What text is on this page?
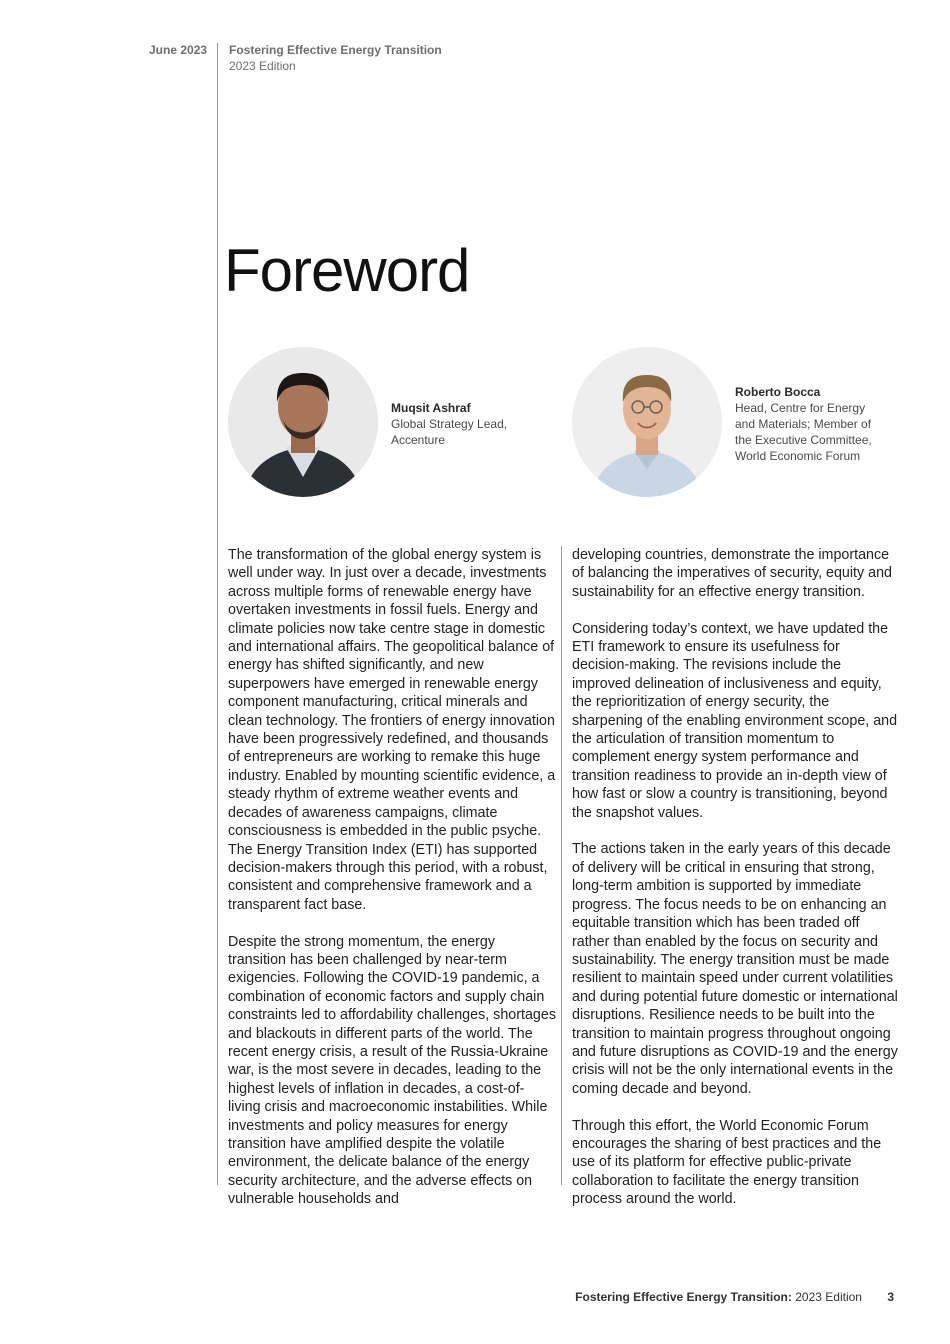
June 2023 Fostering Effective Energy Transition
2023 Edition
Foreword
Muqsit Ashraf
Global Strategy Lead,
Accenture
Roberto Bocca
Head, Centre for Energy
and Materials; Member of
the Executive Committee,
World Economic Forum

The transformation of the global energy system is well under way. In just over a decade, investments across multiple forms of renewable energy have overtaken investments in fossil fuels. Energy and climate policies now take centre stage in domestic and international affairs. The geopolitical balance of energy has shifted significantly, and new superpowers have emerged in renewable energy component manufacturing, critical minerals and clean technology. The frontiers of energy innovation have been progressively redefined, and thousands of entrepreneurs are working to remake this huge industry. Enabled by mounting scientific evidence, a steady rhythm of extreme weather events and decades of awareness campaigns, climate consciousness is embedded in the public psyche. The Energy Transition Index (ETI) has supported decision-makers through this period, with a robust, consistent and comprehensive framework and a transparent fact base.

Despite the strong momentum, the energy transition has been challenged by near-term exigencies. Following the COVID-19 pandemic, a combination of economic factors and supply chain constraints led to affordability challenges, shortages and blackouts in different parts of the world. The recent energy crisis, a result of the Russia-Ukraine war, is the most severe in decades, leading to the highest levels of inflation in decades, a cost-of-living crisis and macroeconomic instabilities. While investments and policy measures for energy transition have amplified despite the volatile environment, the delicate balance of the energy security architecture, and the adverse effects on vulnerable households and

developing countries, demonstrate the importance of balancing the imperatives of security, equity and sustainability for an effective energy transition.

Considering today’s context, we have updated the ETI framework to ensure its usefulness for decision-making. The revisions include the improved delineation of inclusiveness and equity, the reprioritization of energy security, the sharpening of the enabling environment scope, and the articulation of transition momentum to complement energy system performance and transition readiness to provide an in-depth view of how fast or slow a country is transitioning, beyond the snapshot values.

The actions taken in the early years of this decade of delivery will be critical in ensuring that strong, long-term ambition is supported by immediate progress. The focus needs to be on enhancing an equitable transition which has been traded off rather than enabled by the focus on security and sustainability. The energy transition must be made resilient to maintain speed under current volatilities and during potential future domestic or international disruptions. Resilience needs to be built into the transition to maintain progress throughout ongoing and future disruptions as COVID-19 and the energy crisis will not be the only international events in the coming decade and beyond.

Through this effort, the World Economic Forum encourages the sharing of best practices and the use of its platform for effective public-private collaboration to facilitate the energy transition process around the world.

Fostering Effective Energy Transition: 2023 Edition 3
